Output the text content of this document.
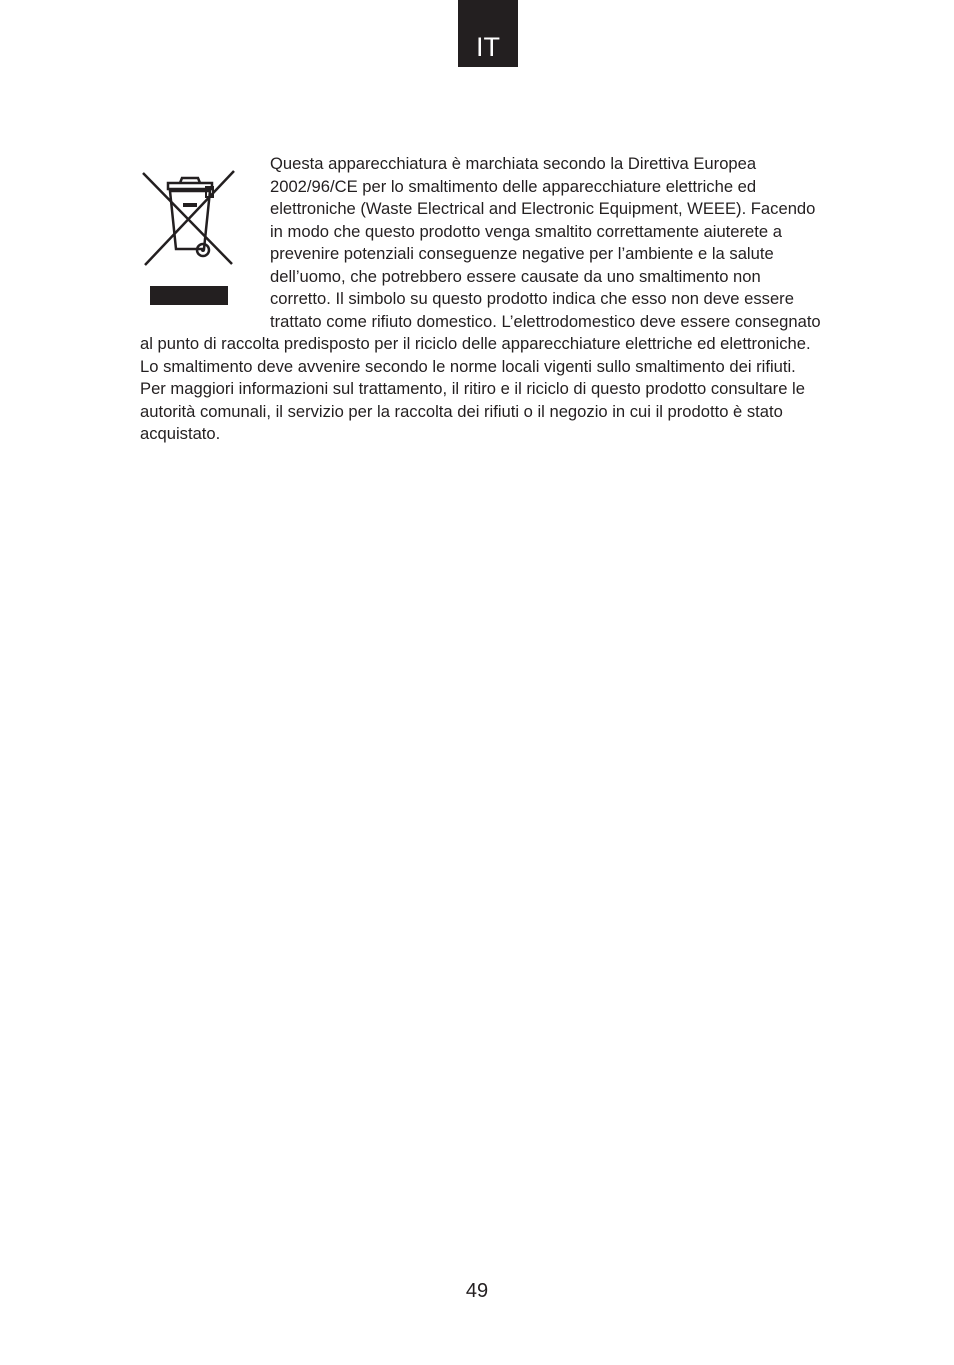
IT

Questa apparecchiatura è marchiata secondo la Direttiva Europea 2002/96/CE per lo smaltimento delle apparecchiature elettriche ed elettroniche (Waste Electrical and Electronic Equipment, WEEE). Facendo in modo che questo prodotto venga smaltito correttamente aiuterete a prevenire potenziali conseguenze negative per l’ambiente e la salute dell’uomo, che potrebbero essere causate da uno smaltimento non corretto. Il simbolo su questo prodotto indica che esso non deve essere trattato come rifiuto domestico. L’elettrodomestico deve essere consegnato al punto di raccolta predisposto per il riciclo delle apparecchiature elettriche ed elettroniche. Lo smaltimento deve avvenire secondo le norme locali vigenti sullo smaltimento dei rifiuti. Per maggiori informazioni sul trattamento, il ritiro e il riciclo di questo prodotto consultare le autorità comunali, il servizio per la raccolta dei rifiuti o il negozio in cui il prodotto è stato acquistato.

49
